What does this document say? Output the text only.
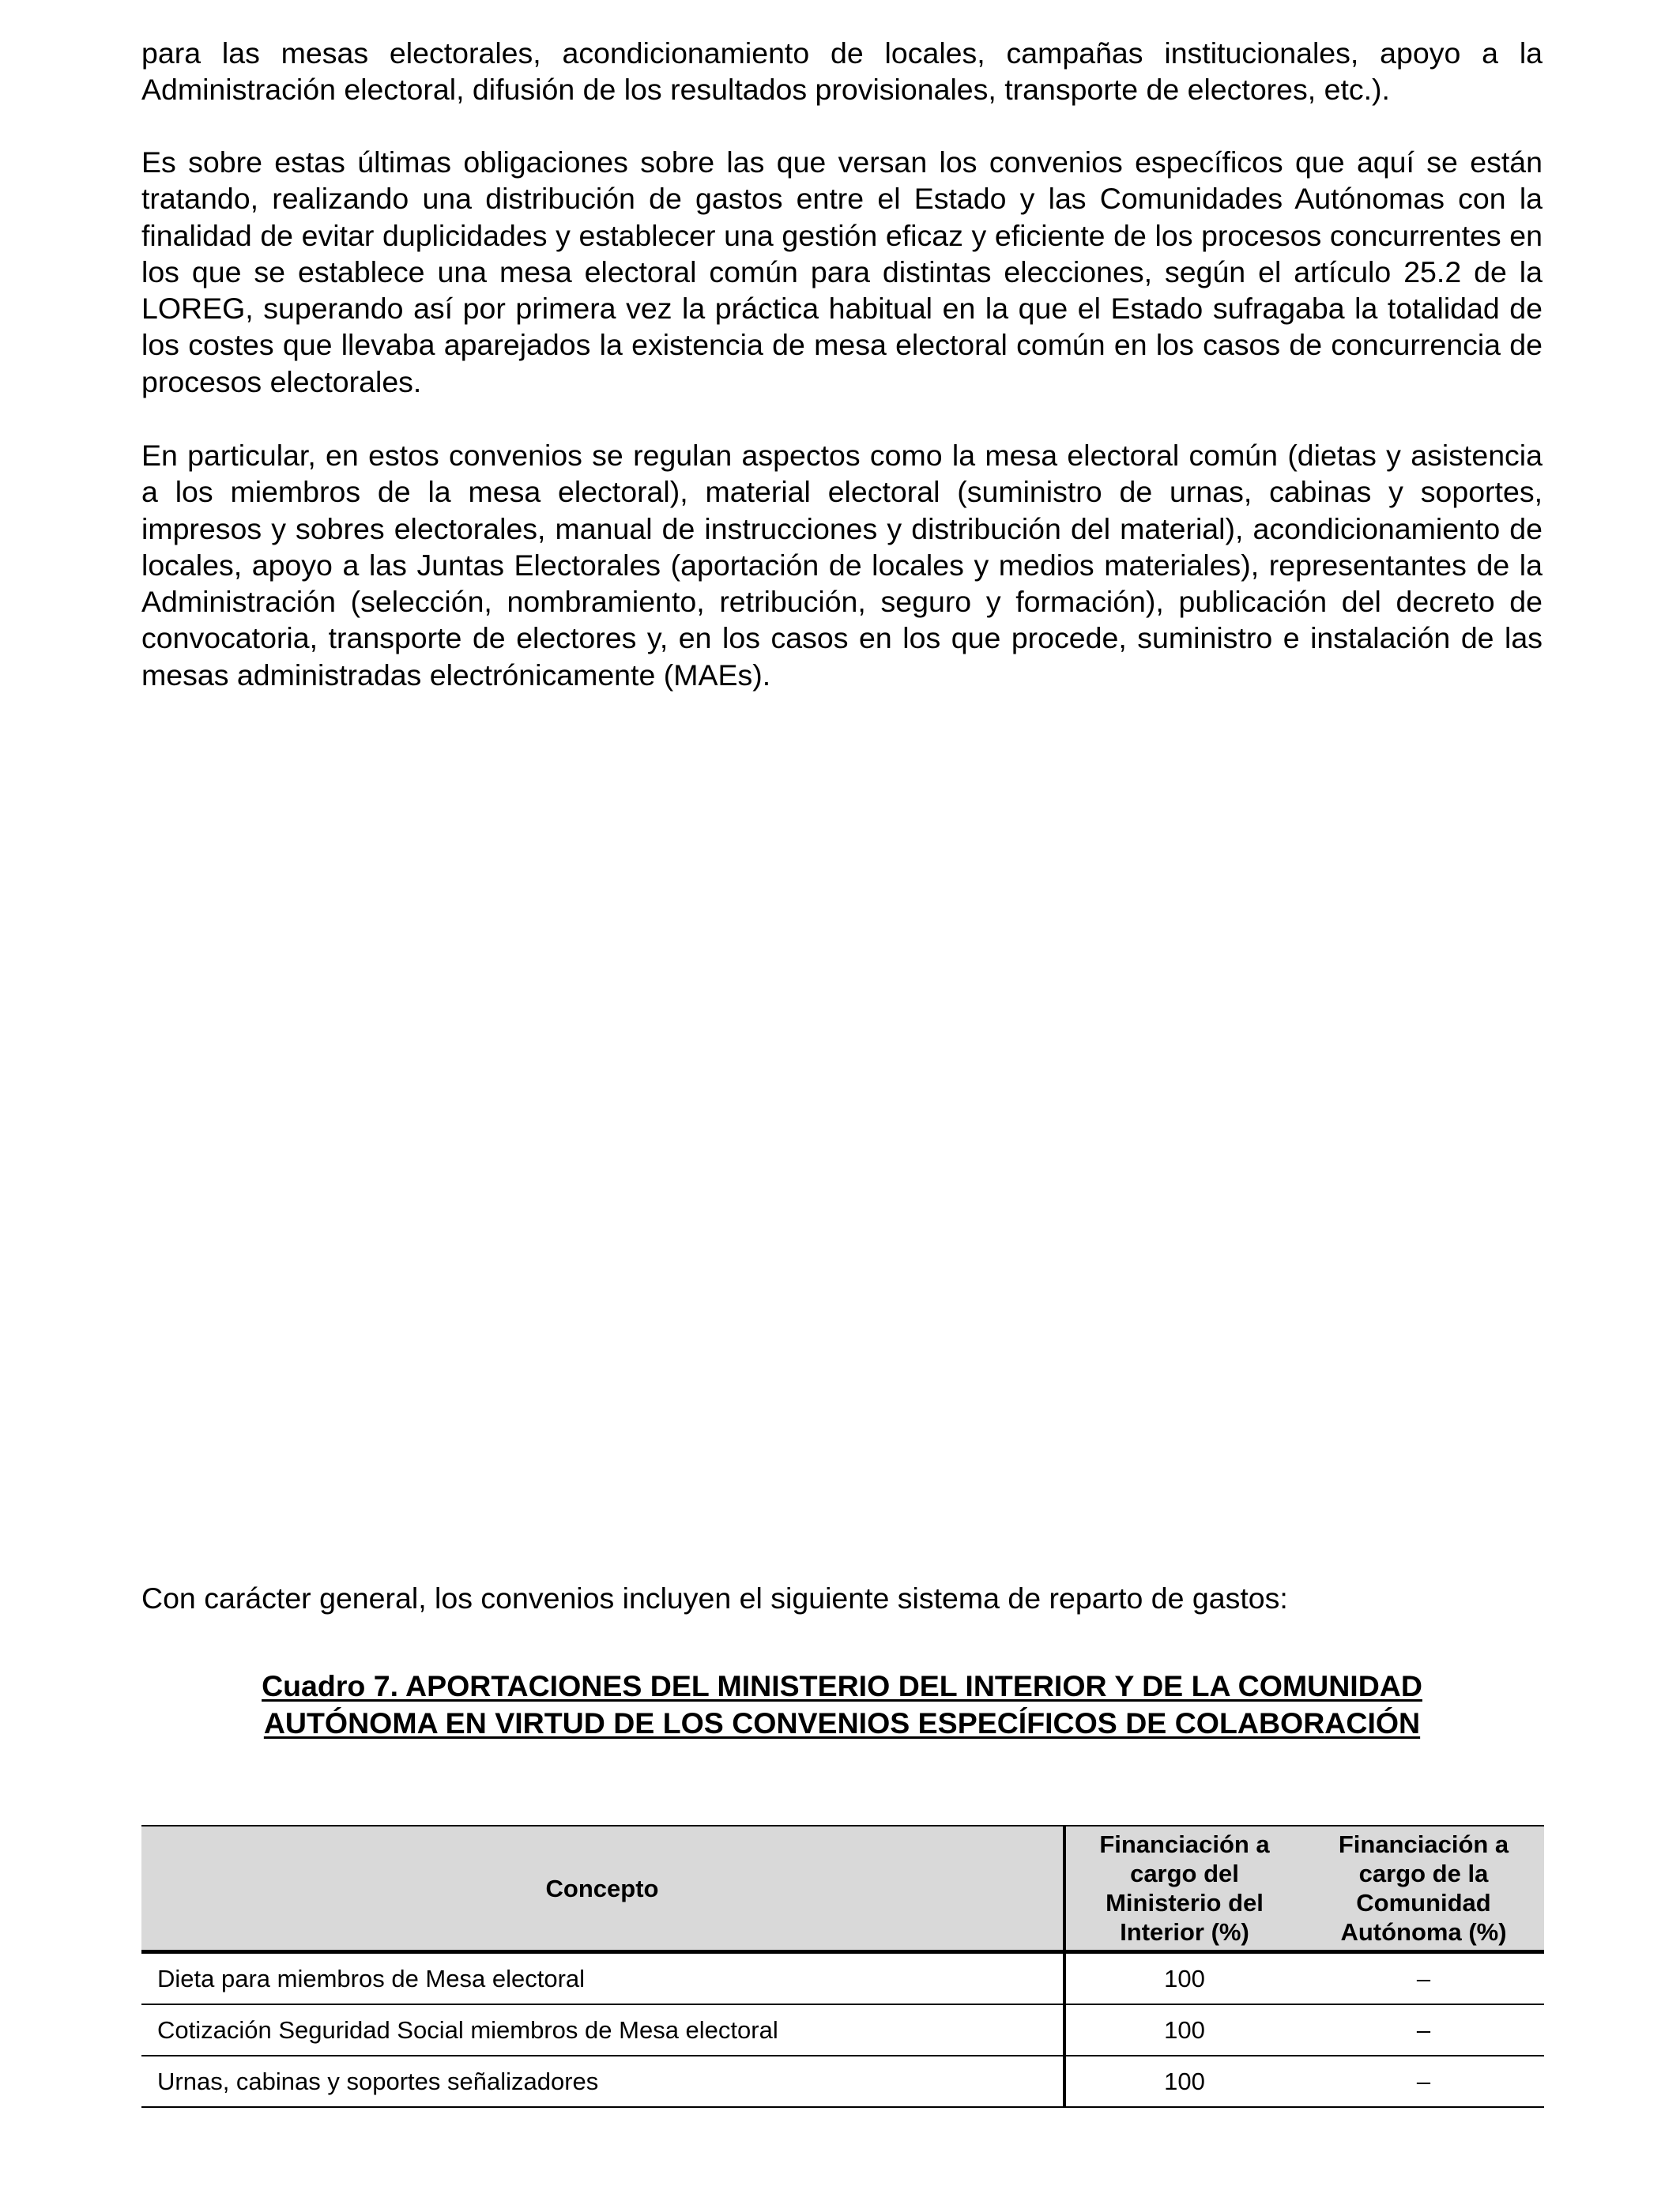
para las mesas electorales, acondicionamiento de locales, campañas institucionales, apoyo a la Administración electoral, difusión de los resultados provisionales, transporte de electores, etc.).

Es sobre estas últimas obligaciones sobre las que versan los convenios específicos que aquí se están tratando, realizando una distribución de gastos entre el Estado y las Comunidades Autónomas con la finalidad de evitar duplicidades y establecer una gestión eficaz y eficiente de los procesos concurrentes en los que se establece una mesa electoral común para distintas elecciones, según el artículo 25.2 de la LOREG, superando así por primera vez la práctica habitual en la que el Estado sufragaba la totalidad de los costes que llevaba aparejados la existencia de mesa electoral común en los casos de concurrencia de procesos electorales.

En particular, en estos convenios se regulan aspectos como la mesa electoral común (dietas y asistencia a los miembros de la mesa electoral), material electoral (suministro de urnas, cabinas y soportes, impresos y sobres electorales, manual de instrucciones y distribución del material), acondicionamiento de locales, apoyo a las Juntas Electorales (aportación de locales y medios materiales), representantes de la Administración (selección, nombramiento, retribución, seguro y formación), publicación del decreto de convocatoria, transporte de electores y, en los casos en los que procede, suministro e instalación de las mesas administradas electrónicamente (MAEs).

Con carácter general, los convenios incluyen el siguiente sistema de reparto de gastos:

Cuadro 7. APORTACIONES DEL MINISTERIO DEL INTERIOR Y DE LA COMUNIDAD
AUTÓNOMA EN VIRTUD DE LOS CONVENIOS ESPECÍFICOS DE COLABORACIÓN
Concepto	Financiación a cargo del Ministerio del Interior (%)	Financiación a cargo de la Comunidad Autónoma (%)
Dieta para miembros de Mesa electoral	100	–
Cotización Seguridad Social miembros de Mesa electoral	100	–
Urnas, cabinas y soportes señalizadores	100	–
